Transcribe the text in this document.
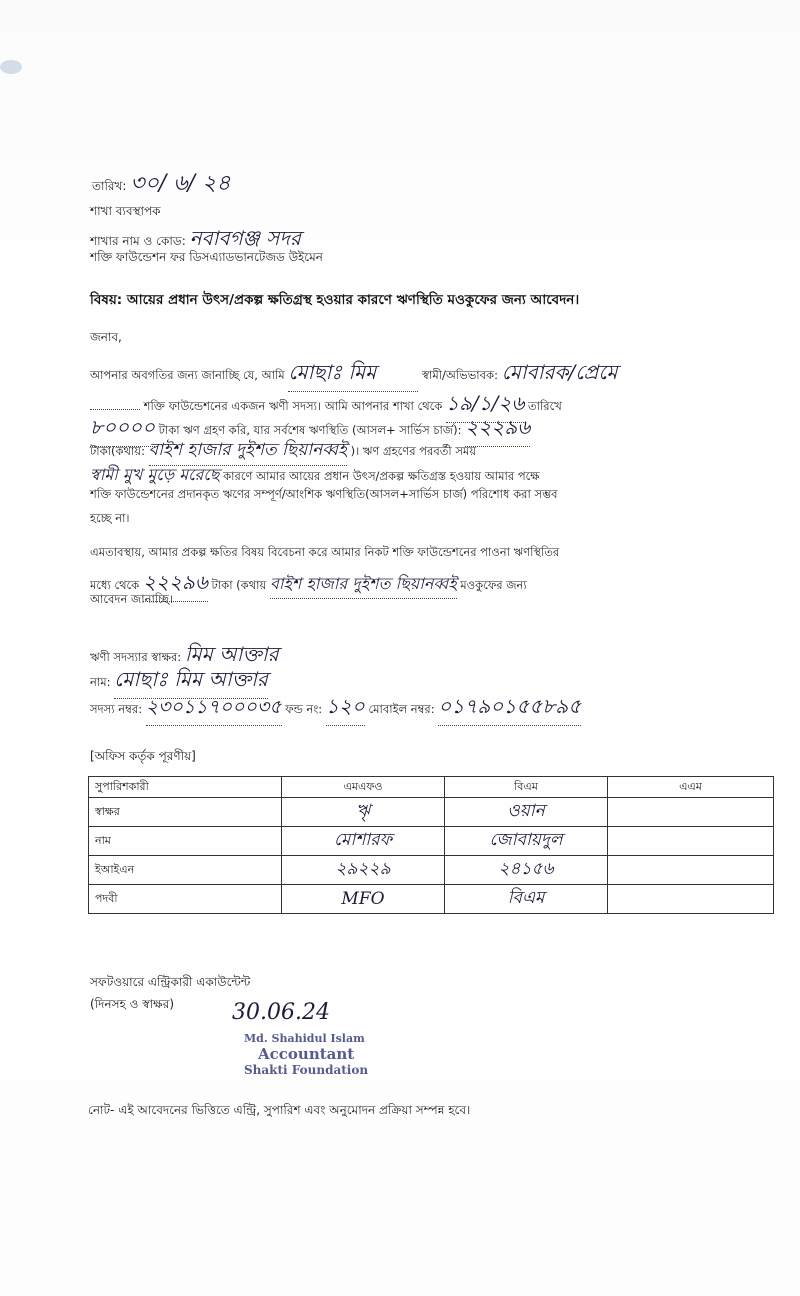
তারিখ: ৩০/ ৬/ ২৪
শাখা ব্যবস্থাপক
শাখার নাম ও কোড: নবাবগঞ্জ সদর
শক্তি ফাউন্ডেশন ফর ডিসএ্যাডভানটেজড উইমেন
বিষয়: আয়ের প্রধান উৎস/প্রকল্প ক্ষতিগ্রস্থ হওয়ার কারণে ঋণস্থিতি মওকুফের জন্য আবেদন।
জনাব,
আপনার অবগতির জন্য জানাচ্ছি যে, আমি মোছাঃ মিম	স্বামী/অভিভাবক: মোবারক/প্রেমে
শক্তি ফাউন্ডেশনের একজন ঋণী সদস্য। আমি আপনার শাখা থেকে ১৯/১/২৬ তারিখে
৮০০০০ টাকা ঋণ গ্রহণ করি, যার সর্বশেষ ঋণস্থিতি (আসল+ সার্ভিস চার্জ): ২২২৯৬
টাকা(কথায়: বাইশ হাজার দুইশত ছিয়ানব্বই )। ঋণ গ্রহণের পরবর্তী সময়
স্বামী মুখ মুড়ে মরেছে কারণে আমার আয়ের প্রধান উৎস/প্রকল্প ক্ষতিগ্রস্ত হওয়ায় আমার পক্ষে
শক্তি ফাউন্ডেশনের প্রদানকৃত ঋণের সম্পূর্ণ/আংশিক ঋণস্থিতি(আসল+সার্ভিস চার্জ) পরিশোধ করা সম্ভব
হচ্ছে না।
এমতাবস্থায়, আমার প্রকল্প ক্ষতির বিষয় বিবেচনা করে আমার নিকট শক্তি ফাউন্ডেশনের পাওনা ঋণস্থিতির
মধ্যে থেকে ২২২৯৬ টাকা (কথায় বাইশ হাজার দুইশত ছিয়ানব্বই মওকুফের জন্য
আবেদন জানাচ্ছি।
ঋণী সদস্যার স্বাক্ষর: মিম আক্তার
নাম: মোছাঃ মিম আক্তার
সদস্য নম্বর: ২৩০১১৭০০০৩৫ ফন্ড নং: ১২০ মোবাইল নম্বর: ০১৭৯০১৫৫৮৯৫
[অফিস কর্তৃক পূরণীয়]
সুপারিশকারী	এমএফও	বিএম	এএম
স্বাক্ষর	ৠ	ওয়ান	
নাম	মোশারফ	জোবায়দুল	
ইআইএন	২৯২২৯	২৪১৫৬	
পদবী	MFO	বিএম	
সফটওয়ারে এন্ট্রিকারী একাউন্টেন্ট
(দিনসহ ও স্বাক্ষর)	30.06.24
Md. Shahidul Islam
Accountant
Shakti Foundation
নোট- এই আবেদনের ভিত্তিতে এন্ট্রি, সুপারিশ এবং অনুমোদন প্রক্রিয়া সম্পন্ন হবে।
